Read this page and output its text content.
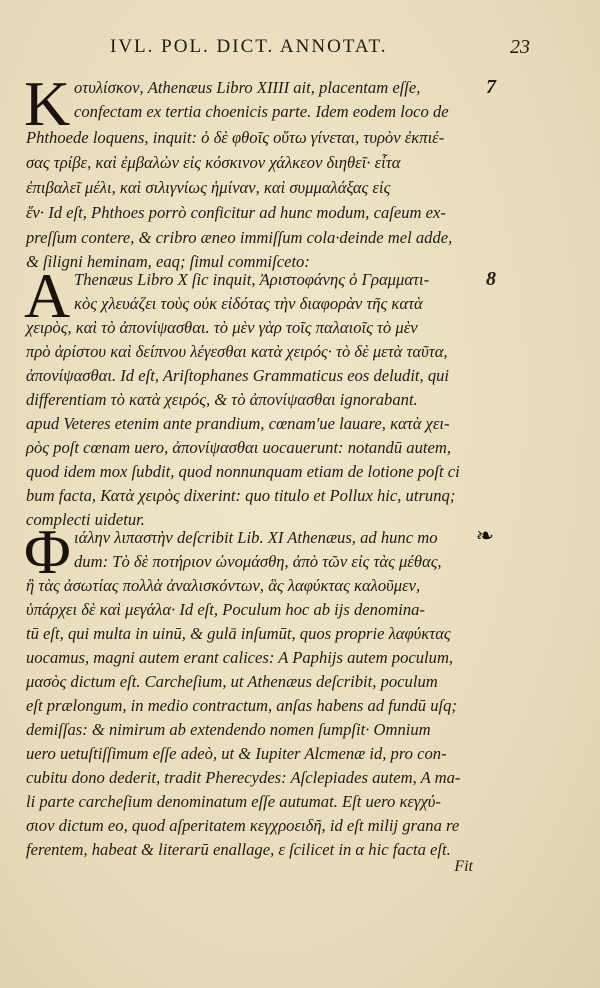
IVL. POL. DICT. ANNOTAT.	23
7
K οτυλίσκον, Athenæus Libro XIIII ait, placentam eſſe,
confectam ex tertia choenicis parte. Idem eodem loco de
Phthoede loquens, inquit: ὁ δὲ φθοῖς οὕτω γίνεται, τυρὸν ἐκπιέ-
σας τρίβε, καὶ ἐμβαλὼν εἰς κόσκινον χάλκεον διηθεῖ· εἶτα
ἐπιβαλεῖ μέλι, καὶ σιλιγνίως ἡμίναν, καὶ συμμαλάξας εἰς
ἕν· Id eſt, Phthoes porrò conficitur ad hunc modum, caſeum ex-
preſſum contere, & cribro æneo immiſſum cola·deinde mel adde,
& ſiligni heminam, eaq; ſimul commiſceto:
8
A Thenæus Libro X ſic inquit, Ἀριστοφάνης ὁ Γραμματι-
κὸς χλευάζει τοὺς οὐκ εἰδότας τὴν διαφορὰν τῆς κατὰ
χειρὸς, καὶ τὸ ἀπονίψασθαι. τὸ μὲν γὰρ τοῖς παλαιοῖς τὸ μὲν
πρὸ ἀρίστου καὶ δείπνου λέγεσθαι κατὰ χειρός· τὸ δὲ μετὰ ταῦτα,
ἀπονίψασθαι. Id eſt, Ariſtophanes Grammaticus eos deludit, qui
differentiam τὸ κατὰ χειρός, & τὸ ἀπονίψασθαι ignorabant.
apud Veteres etenim ante prandium, cœnam'ue lauare, κατὰ χει-
ρὸς poſt cœnam uero, ἀπονίψασθαι uocauerunt: notandū autem,
quod idem mox ſubdit, quod nonnunquam etiam de lotione poſt ci
bum facta, Κατὰ χειρὸς dixerint: quo titulo et Pollux hic, utrunq;
complecti uidetur.
❧
Φ ιάλην λιπαστὴν deſcribit Lib. XI Athenæus, ad hunc mo
dum: Τὸ δὲ ποτήριον ὠνομάσθη, ἀπὸ τῶν εἰς τὰς μέθας,
ἢ τὰς ἀσωτίας πολλὰ ἀναλισκόντων, ἃς λαφύκτας καλοῦμεν,
ὑπάρχει δὲ καὶ μεγάλα· Id eſt, Poculum hoc ab ijs denomina-
tū eſt, qui multa in uinū, & gulā inſumūt, quos proprie λαφύκτας
uocamus, magni autem erant calices: A Paphijs autem poculum,
μασὸς dictum eſt. Carcheſium, ut Athenæus deſcribit, poculum
eſt prælongum, in medio contractum, anſas habens ad fundū uſq;
demiſſas: & nimirum ab extendendo nomen ſumpſit· Omnium
uero uetuſtiſſimum eſſe adeò, ut & Iupiter Alcmenæ id, pro con-
cubitu dono dederit, tradit Pherecydes: Aſclepiades autem, A ma-
li parte carcheſium denominatum eſſe autumat. Eſt uero κεγχύ-
σιον dictum eo, quod aſperitatem κεγχροειδῆ, id eſt milij grana re
ferentem, habeat & literarū enallage, ε ſcilicet in α hic facta eſt.
Fit
